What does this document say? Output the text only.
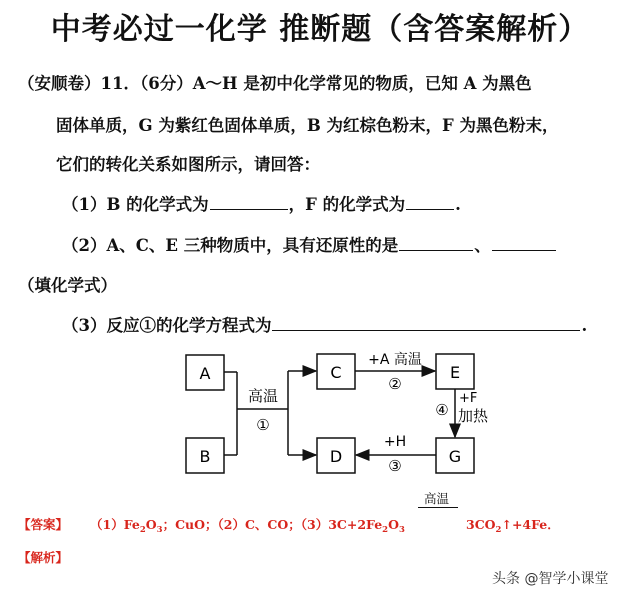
中考必过一化学 推断题（含答案解析）
（安顺卷）11．（6分）A～H 是初中化学常见的物质，已知 A 为黑色
固体单质，G 为紫红色固体单质，B 为红棕色粉末，F 为黑色粉末，
它们的转化关系如图所示，请回答：
（1）B 的化学式为	，F 的化学式为	.
（2）A、C、E 三种物质中，具有还原性的是	、
（填化学式）
（3）反应①的化学方程式为	.
A
B
C
D
E
G
高温
①
+A 高温
②
+F
加热
④
+H
③
高温
【答案】 $(1)Fe_2O_3$；CuO；（2）C、CO；$(3)3C+2Fe_2O_3$	$3CO_2↑+4Fe$．
【解析】
头条 @智学小课堂
